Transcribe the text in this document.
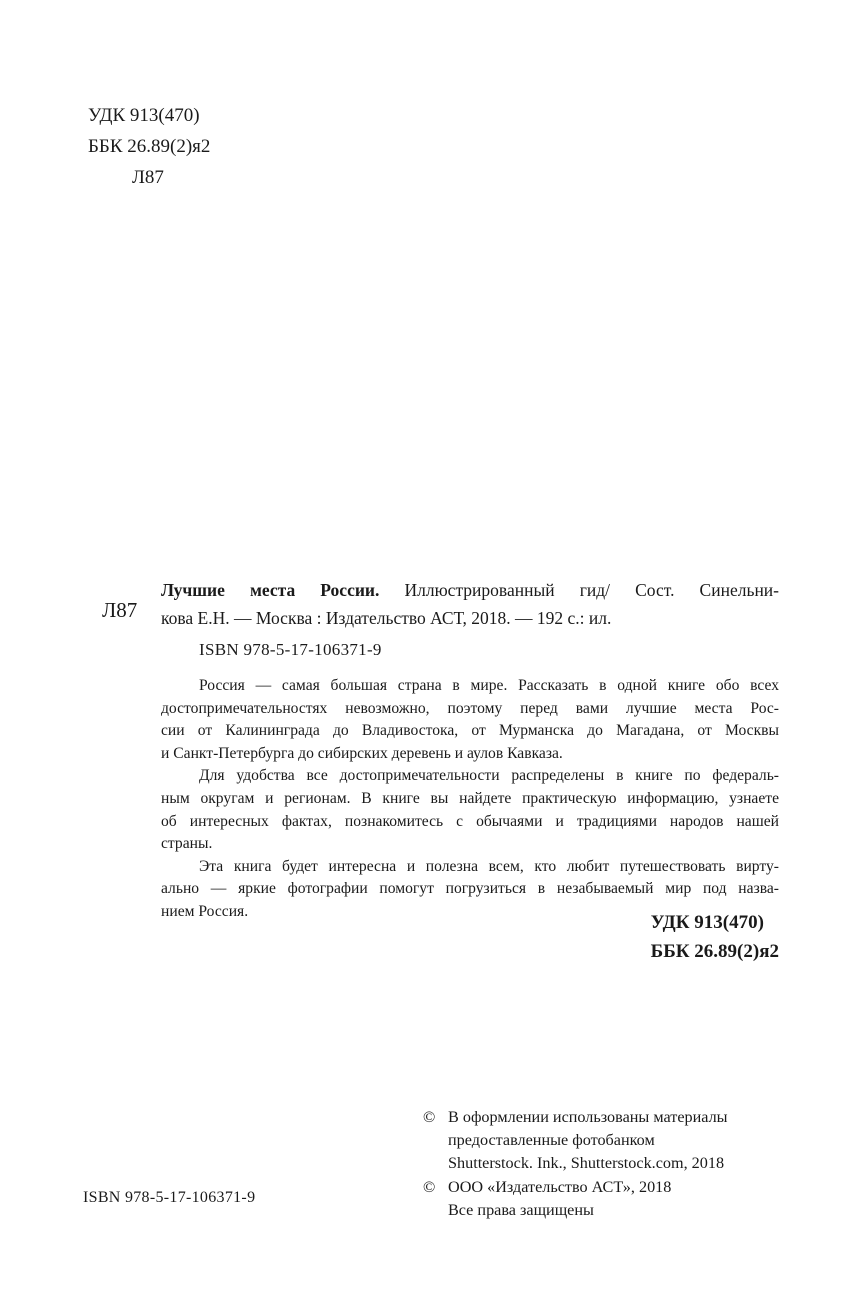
УДК 913(470)
ББК 26.89(2)я2
Л87
Л87
Лучшие места России. Иллюстрированный гид/ Сост. Синельни-
кова Е.Н. — Москва : Издательство АСТ, 2018. — 192 с.: ил.
ISBN 978-5-17-106371-9
Россия — самая большая страна в мире. Рассказать в одной книге обо всех
достопримечательностях невозможно, поэтому перед вами лучшие места Рос-
сии от Калининграда до Владивостока, от Мурманска до Магадана, от Москвы
и Санкт-Петербурга до сибирских деревень и аулов Кавказа.
Для удобства все достопримечательности распределены в книге по федераль-
ным округам и регионам. В книге вы найдете практическую информацию, узнаете
об интересных фактах, познакомитесь с обычаями и традициями народов нашей
страны.
Эта книга будет интересна и полезна всем, кто любит путешествовать вирту-
ально — яркие фотографии помогут погрузиться в незабываемый мир под назва-
нием Россия.
УДК 913(470)
ББК 26.89(2)я2
© В оформлении использованы материалы
предоставленные фотобанком
Shutterstock. Ink., Shutterstock.com, 2018
© ООО «Издательство АСТ», 2018
Все права защищены
ISBN 978-5-17-106371-9
